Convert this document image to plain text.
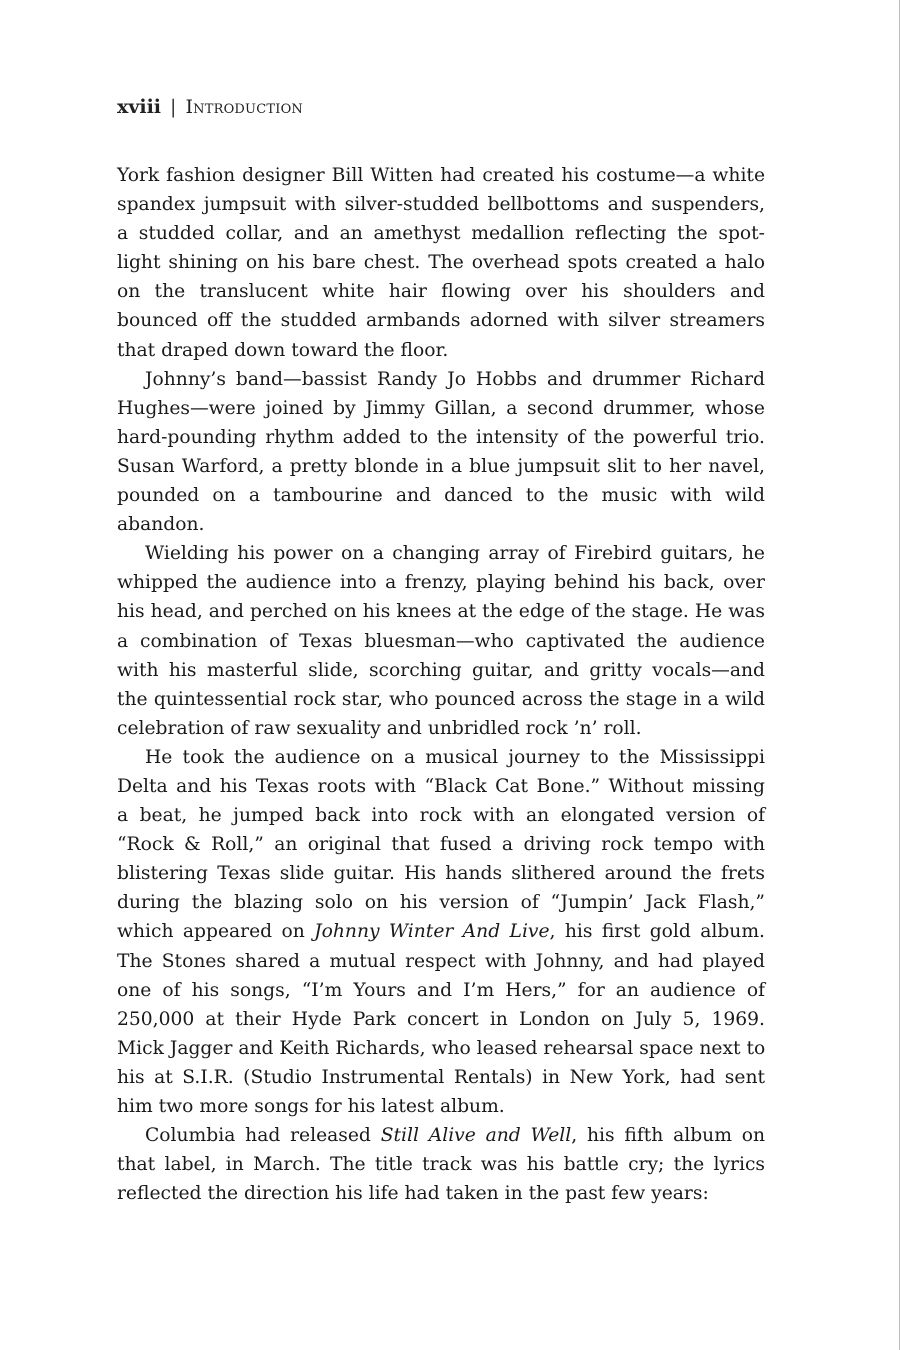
xviii | Introduction

York fashion designer Bill Witten had created his costume—a white
spandex jumpsuit with silver-studded bellbottoms and suspenders,
a studded collar, and an amethyst medallion reflecting the spot-
light shining on his bare chest. The overhead spots created a halo
on the translucent white hair flowing over his shoulders and
bounced off the studded armbands adorned with silver streamers
that draped down toward the floor.

Johnny’s band—bassist Randy Jo Hobbs and drummer Richard
Hughes—were joined by Jimmy Gillan, a second drummer, whose
hard-pounding rhythm added to the intensity of the powerful trio.
Susan Warford, a pretty blonde in a blue jumpsuit slit to her navel,
pounded on a tambourine and danced to the music with wild
abandon.

Wielding his power on a changing array of Firebird guitars, he
whipped the audience into a frenzy, playing behind his back, over
his head, and perched on his knees at the edge of the stage. He was
a combination of Texas bluesman—who captivated the audience
with his masterful slide, scorching guitar, and gritty vocals—and
the quintessential rock star, who pounced across the stage in a wild
celebration of raw sexuality and unbridled rock ’n’ roll.

He took the audience on a musical journey to the Mississippi
Delta and his Texas roots with “Black Cat Bone.” Without missing
a beat, he jumped back into rock with an elongated version of
“Rock & Roll,” an original that fused a driving rock tempo with
blistering Texas slide guitar. His hands slithered around the frets
during the blazing solo on his version of “Jumpin’ Jack Flash,”
which appeared on Johnny Winter And Live, his first gold album.
The Stones shared a mutual respect with Johnny, and had played
one of his songs, “I’m Yours and I’m Hers,” for an audience of
250,000 at their Hyde Park concert in London on July 5, 1969.
Mick Jagger and Keith Richards, who leased rehearsal space next to
his at S.I.R. (Studio Instrumental Rentals) in New York, had sent
him two more songs for his latest album.

Columbia had released Still Alive and Well, his fifth album on
that label, in March. The title track was his battle cry; the lyrics
reflected the direction his life had taken in the past few years:
